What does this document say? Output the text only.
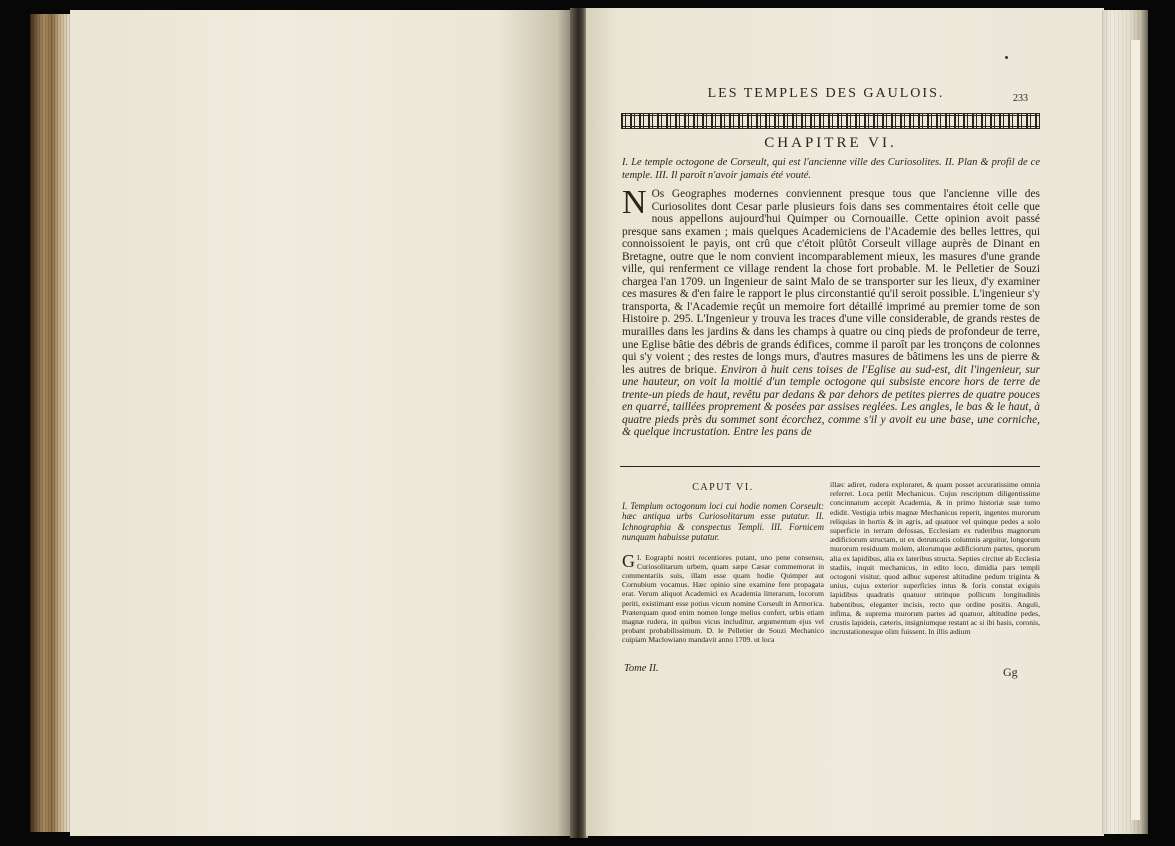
LES TEMPLES DES GAULOIS.	233
CHAPITRE VI.
I. Le temple octogone de Corseult, qui est l'ancienne ville des Curiosolites. II. Plan & profil de ce temple. III. Il paroît n'avoir jamais été vouté.
N Os Geographes modernes conviennent presque tous que l'ancienne ville des Curiosolites dont Cesar parle plusieurs fois dans ses commentaires étoit celle que nous appellons aujourd'hui Quimper ou Cornouaille. Cette opinion avoit passé presque sans examen ; mais quelques Academiciens de l'Academie des belles lettres, qui connoissoient le payis, ont crû que c'étoit plûtôt Corseult village auprès de Dinant en Bretagne, outre que le nom convient incomparablement mieux, les masures d'une grande ville, qui renferment ce village rendent la chose fort probable. M. le Pelletier de Souzi chargea l'an 1709. un Ingenieur de saint Malo de se transporter sur les lieux, d'y examiner ces masures & d'en faire le rapport le plus circonstantié qu'il seroit possible. L'ingenieur s'y transporta, & l'Academie reçût un memoire fort détaillé imprimé au premier tome de son Histoire p. 295. L'Ingenieur y trouva les traces d'une ville considerable, de grands restes de murailles dans les jardins & dans les champs à quatre ou cinq pieds de profondeur de terre, une Eglise bâtie des débris de grands édifices, comme il paroît par les tronçons de colonnes qui s'y voient ; des restes de longs murs, d'autres masures de bâtimens les uns de pierre & les autres de brique. Environ à huit cens toises de l'Eglise au sud-est, dit l'ingenieur, sur une hauteur, on voit la moitié d'un temple octogone qui subsiste encore hors de terre de trente-un pieds de haut, revêtu par dedans & par dehors de petites pierres de quatre pouces en quarré, taillées proprement & posées par assises reglées. Les angles, le bas & le haut, à quatre pieds près du sommet sont écorchez, comme s'il y avoit eu une base, une corniche, & quelque incrustation. Entre les pans de
CAPUT VI.
I. Templum octogonum loci cui hodie nomen Corseult: hæc antiqua urbs Curiosolitarum esse putatur. II. Ichnographia & conspectus Templi. III. Fornicem nunquam habuisse putatur.
G I. Eographi nostri recentiores putant, uno pene consensu, Curiosolitarum urbem, quam sæpe Cæsar commemorat in commentariis suis, illam esse quam hodie Quimper aut Cornubium vocamus. Hæc opinio sine examine fere propagata erat. Verum aliquot Academici ex Academia litterarum, locorum periti, existimant esse potius vicum nomine Corseult in Armorica. Præterquam quod enim nomen longe melius confert, urbis etiam magnæ rudera, in quibus vicus includitur, argumentum ejus vel probant probabilissimum. D. le Pelletier de Souzi Mechanico cuipiam Maclowiano mandavit anno 1709. ut loca
illæc adiret, rudera exploraret, & quam posset accuratissime omnia referret. Loca petiit Mechanicus. Cujus rescriptum diligentissime concinnatum accepit Academia, & in primo historiæ suæ tomo edidit. Vestigia urbis magnæ Mechanicus reperit, ingentes murorum reliquias in hortis & in agris, ad quatuor vel quinque pedes a solo superficie in terram defossas, Ecclesiam ex ruderibus magnorum ædificiorum structam, ut ex detruncatis columnis arguitur, longorum murorum residuum molem, aliorumque ædificiorum partes, quorum alia ex lapidibus, alia ex lateribus structa. Septies circiter ab Ecclesia stadiis, inquit mechanicus, in edito loco, dimidia pars templi octogoni visitur, quod adhuc superest altitudine pedum triginta & unius, cujus exterior superficies intus & foris constat exiguis lapidibus quadratis quatuor utrinque pollicum longitudinis habentibus, eleganter incisis, recto que ordine positis. Anguli, infima, & suprema murorum partes ad quatuor, altitudine pedes, crustis lapideis, cæteris, insigniumque restant ac si ibi basis, coronis, incrustationesque olim fuissent. In illis ædium
Tome II.	Gg
